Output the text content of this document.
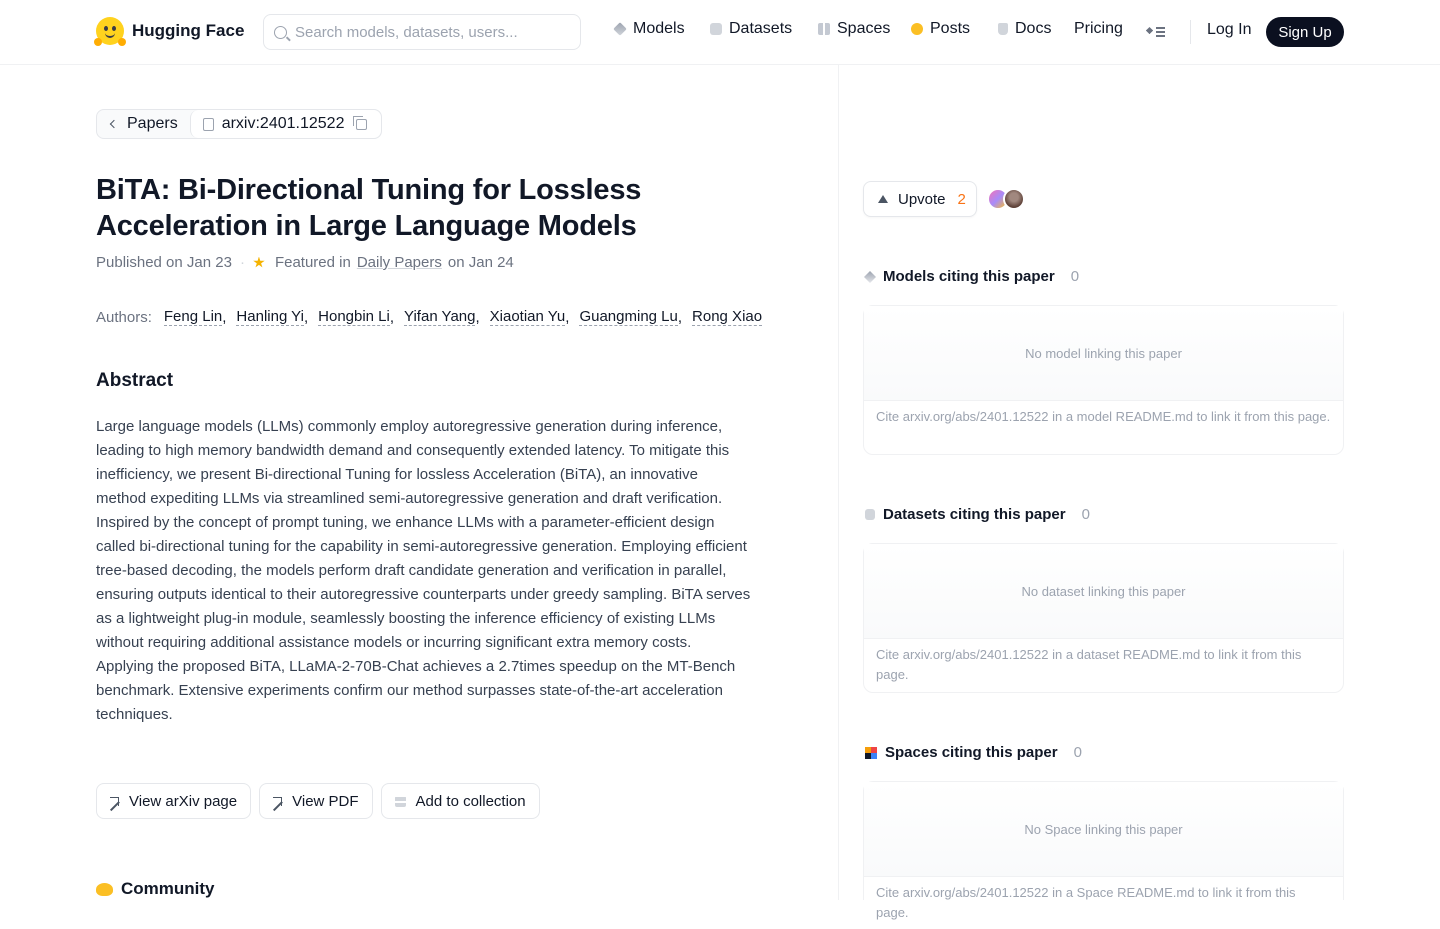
Hugging Face
Search models, datasets, users...	Models	Datasets	Spaces Posts	Docs Pricing	Log In	Sign Up
Papers	arxiv:2401.12522
BiTA: Bi-Directional Tuning for Lossless Acceleration in Large Language Models
Published on Jan 23 · Featured in Daily Papers on Jan 24
Authors: Feng Lin , Hanling Yi , Hongbin Li , Yifan Yang , Xiaotian Yu , Guangming Lu , Rong Xiao
Abstract

Large language models (LLMs) commonly employ autoregressive generation during inference, leading to high memory bandwidth demand and consequently extended latency. To mitigate this inefficiency, we present Bi-directional Tuning for lossless Acceleration (BiTA), an innovative method expediting LLMs via streamlined semi-autoregressive generation and draft verification. Inspired by the concept of prompt tuning, we enhance LLMs with a parameter-efficient design called bi-directional tuning for the capability in semi-autoregressive generation. Employing efficient tree-based decoding, the models perform draft candidate generation and verification in parallel, ensuring outputs identical to their autoregressive counterparts under greedy sampling. BiTA serves as a lightweight plug-in module, seamlessly boosting the inference efficiency of existing LLMs without requiring additional assistance models or incurring significant extra memory costs. Applying the proposed BiTA, LLaMA-2-70B-Chat achieves a 2.7times speedup on the MT-Bench benchmark. Extensive experiments confirm our method surpasses state-of-the-art acceleration techniques.

View arXiv page	View PDF	Add to collection
Community
Upvote 2
Models citing this paper 0
No model linking this paper
Cite arxiv.org/abs/2401.12522 in a model README.md to link it from this page.
Datasets citing this paper 0
No dataset linking this paper
Cite arxiv.org/abs/2401.12522 in a dataset README.md to link it from this page.
Spaces citing this paper 0
No Space linking this paper
Cite arxiv.org/abs/2401.12522 in a Space README.md to link it from this page.
